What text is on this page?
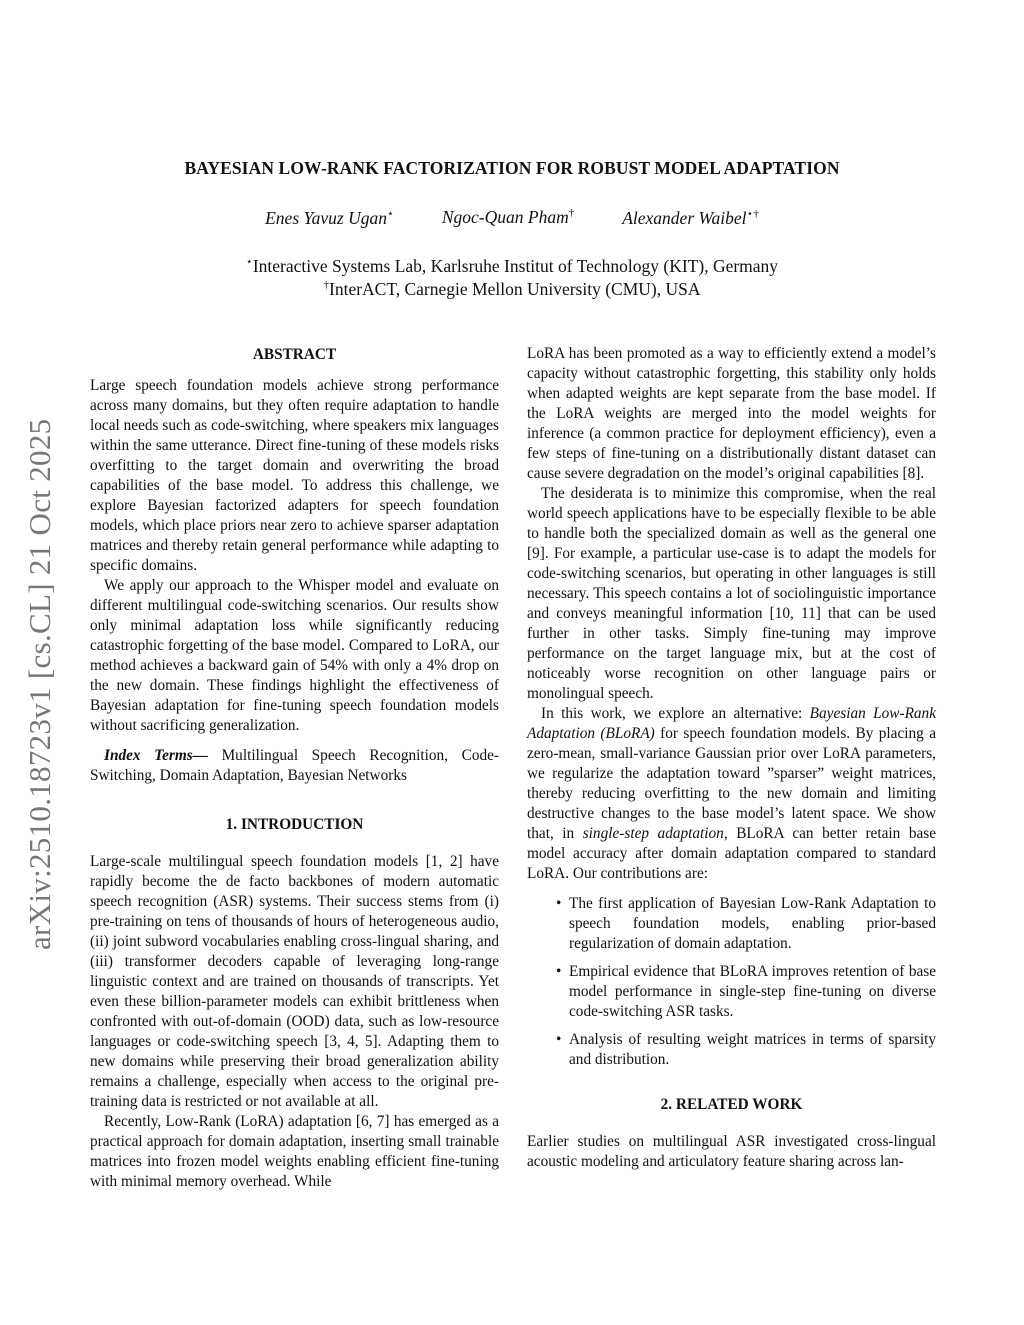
arXiv:2510.18723v1 [cs.CL] 21 Oct 2025
BAYESIAN LOW-RANK FACTORIZATION FOR ROBUST MODEL ADAPTATION
Enes Yavuz Ugan⋆	Ngoc-Quan Pham†	Alexander Waibel⋆†
⋆Interactive Systems Lab, Karlsruhe Institut of Technology (KIT), Germany
†InterACT, Carnegie Mellon University (CMU), USA
ABSTRACT

Large speech foundation models achieve strong performance across many domains, but they often require adaptation to handle local needs such as code-switching, where speakers mix languages within the same utterance. Direct fine-tuning of these models risks overfitting to the target domain and overwriting the broad capabilities of the base model. To address this challenge, we explore Bayesian factorized adapters for speech foundation models, which place priors near zero to achieve sparser adaptation matrices and thereby retain general performance while adapting to specific domains.

We apply our approach to the Whisper model and evaluate on different multilingual code-switching scenarios. Our results show only minimal adaptation loss while significantly reducing catastrophic forgetting of the base model. Compared to LoRA, our method achieves a backward gain of 54% with only a 4% drop on the new domain. These findings highlight the effectiveness of Bayesian adaptation for fine-tuning speech foundation models without sacrificing generalization.

Index Terms— Multilingual Speech Recognition, Code-Switching, Domain Adaptation, Bayesian Networks

1. INTRODUCTION

Large-scale multilingual speech foundation models [1, 2] have rapidly become the de facto backbones of modern automatic speech recognition (ASR) systems. Their success stems from (i) pre-training on tens of thousands of hours of heterogeneous audio, (ii) joint subword vocabularies enabling cross-lingual sharing, and (iii) transformer decoders capable of leveraging long-range linguistic context and are trained on thousands of transcripts. Yet even these billion-parameter models can exhibit brittleness when confronted with out-of-domain (OOD) data, such as low-resource languages or code-switching speech [3, 4, 5]. Adapting them to new domains while preserving their broad generalization ability remains a challenge, especially when access to the original pre-training data is restricted or not available at all.

Recently, Low-Rank (LoRA) adaptation [6, 7] has emerged as a practical approach for domain adaptation, inserting small trainable matrices into frozen model weights enabling efficient fine-tuning with minimal memory overhead. While

LoRA has been promoted as a way to efficiently extend a model’s capacity without catastrophic forgetting, this stability only holds when adapted weights are kept separate from the base model. If the LoRA weights are merged into the model weights for inference (a common practice for deployment efficiency), even a few steps of fine-tuning on a distributionally distant dataset can cause severe degradation on the model’s original capabilities [8].

The desiderata is to minimize this compromise, when the real world speech applications have to be especially flexible to be able to handle both the specialized domain as well as the general one [9]. For example, a particular use-case is to adapt the models for code-switching scenarios, but operating in other languages is still necessary. This speech contains a lot of sociolinguistic importance and conveys meaningful information [10, 11] that can be used further in other tasks. Simply fine-tuning may improve performance on the target language mix, but at the cost of noticeably worse recognition on other language pairs or monolingual speech.

In this work, we explore an alternative: Bayesian Low-Rank Adaptation (BLoRA) for speech foundation models. By placing a zero-mean, small-variance Gaussian prior over LoRA parameters, we regularize the adaptation toward ”sparser” weight matrices, thereby reducing overfitting to the new domain and limiting destructive changes to the base model’s latent space. We show that, in single-step adaptation, BLoRA can better retain base model accuracy after domain adaptation compared to standard LoRA. Our contributions are:

• The first application of Bayesian Low-Rank Adaptation to speech foundation models, enabling prior-based regularization of domain adaptation.
• Empirical evidence that BLoRA improves retention of base model performance in single-step fine-tuning on diverse code-switching ASR tasks.
• Analysis of resulting weight matrices in terms of sparsity and distribution.
2. RELATED WORK

Earlier studies on multilingual ASR investigated cross-lingual acoustic modeling and articulatory feature sharing across lan-
